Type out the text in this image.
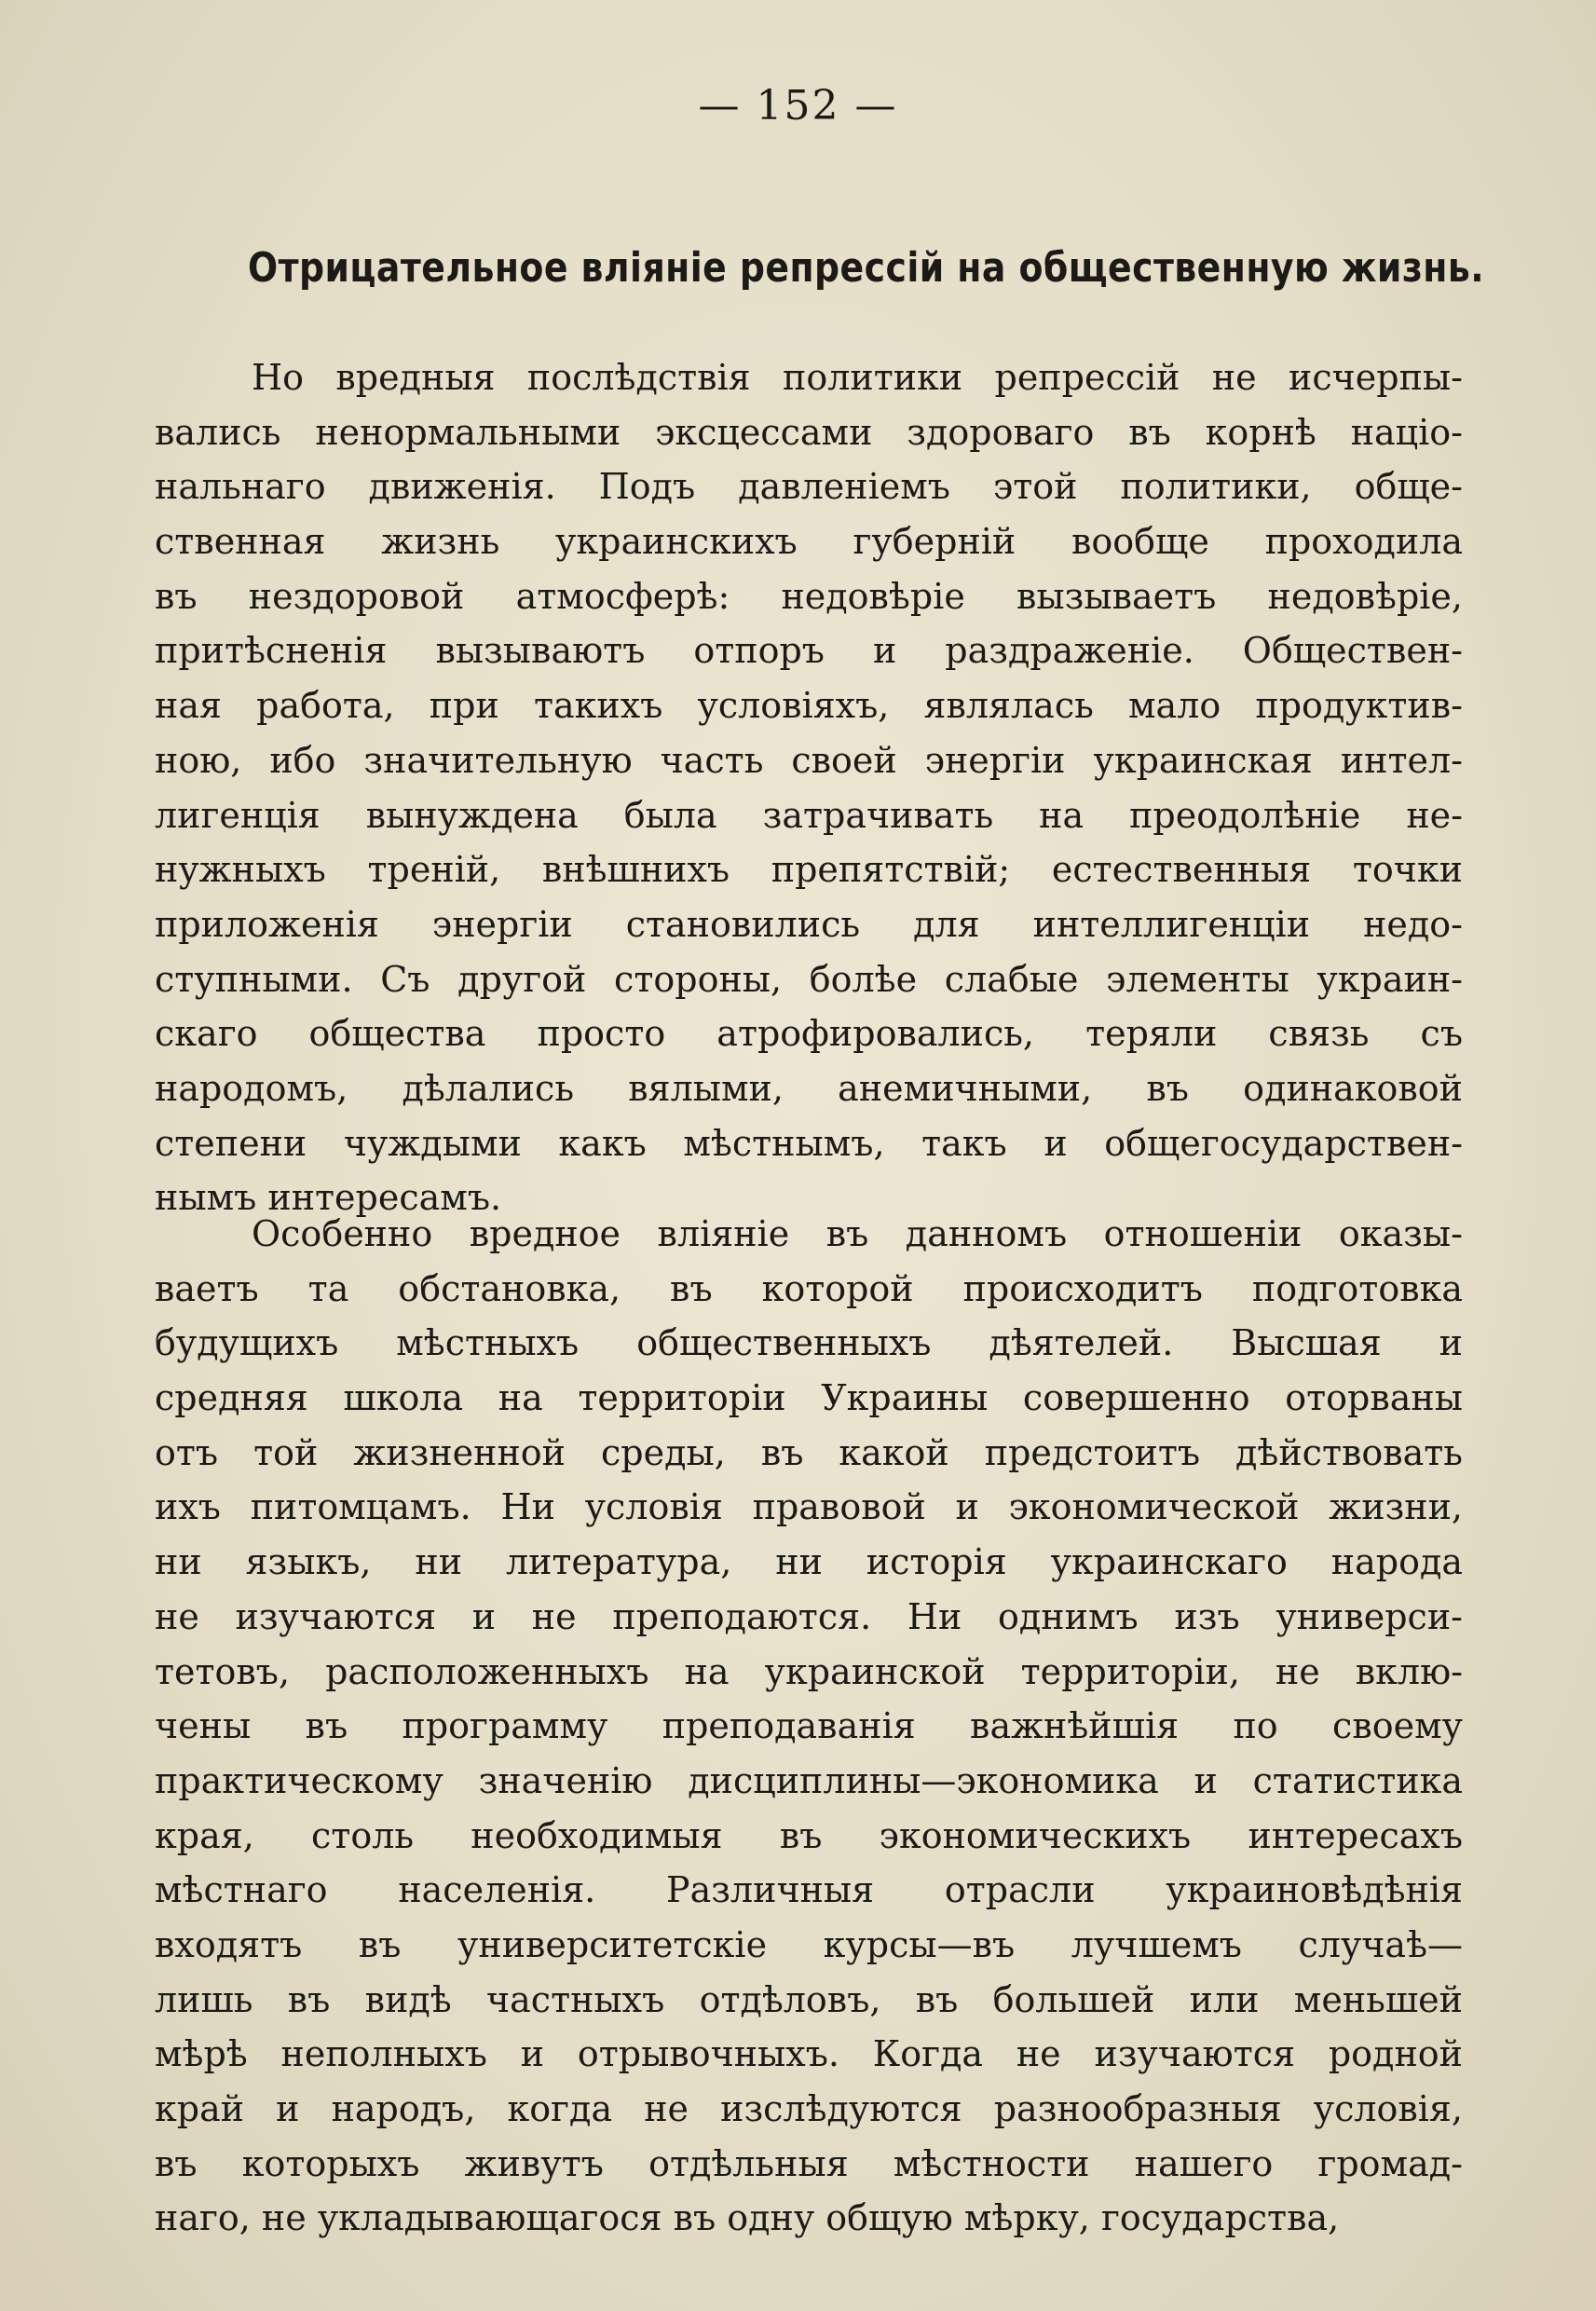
— 152 —
Отрицательное вліяніе репрессій на общественную жизнь.
Но вредныя послѣдствія политики репрессій не исчерпы-
вались ненормальными эксцессами здороваго въ корнѣ націо-
нальнаго движенія. Подъ давленіемъ этой политики, обще-
ственная жизнь украинскихъ губерній вообще проходила
въ нездоровой атмосферѣ: недовѣріе вызываетъ недовѣріе,
притѣсненія вызываютъ отпоръ и раздраженіе. Обществен-
ная работа, при такихъ условіяхъ, являлась мало продуктив-
ною, ибо значительную часть своей энергіи украинская интел-
лигенція вынуждена была затрачивать на преодолѣніе не-
нужныхъ треній, внѣшнихъ препятствій; естественныя точки
приложенія энергіи становились для интеллигенціи недо-
ступными. Съ другой стороны, болѣе слабые элементы украин-
скаго общества просто атрофировались, теряли связь съ
народомъ, дѣлались вялыми, анемичными, въ одинаковой
степени чуждыми какъ мѣстнымъ, такъ и общегосударствен-
нымъ интересамъ.
Особенно вредное вліяніе въ данномъ отношеніи оказы-
ваетъ та обстановка, въ которой происходитъ подготовка
будущихъ мѣстныхъ общественныхъ дѣятелей. Высшая и
средняя школа на территоріи Украины совершенно оторваны
отъ той жизненной среды, въ какой предстоитъ дѣйствовать
ихъ питомцамъ. Ни условія правовой и экономической жизни,
ни языкъ, ни литература, ни исторія украинскаго народа
не изучаются и не преподаются. Ни однимъ изъ универси-
тетовъ, расположенныхъ на украинской территоріи, не вклю-
чены въ программу преподаванія важнѣйшія по своему
практическому значенію дисциплины—экономика и статистика
края, столь необходимыя въ экономическихъ интересахъ
мѣстнаго населенія. Различныя отрасли украиновѣдѣнія
входятъ въ университетскіе курсы—въ лучшемъ случаѣ—
лишь въ видѣ частныхъ отдѣловъ, въ большей или меньшей
мѣрѣ неполныхъ и отрывочныхъ. Когда не изучаются родной
край и народъ, когда не изслѣдуются разнообразныя условія,
въ которыхъ живутъ отдѣльныя мѣстности нашего громад-
наго, не укладывающагося въ одну общую мѣрку, государства,
